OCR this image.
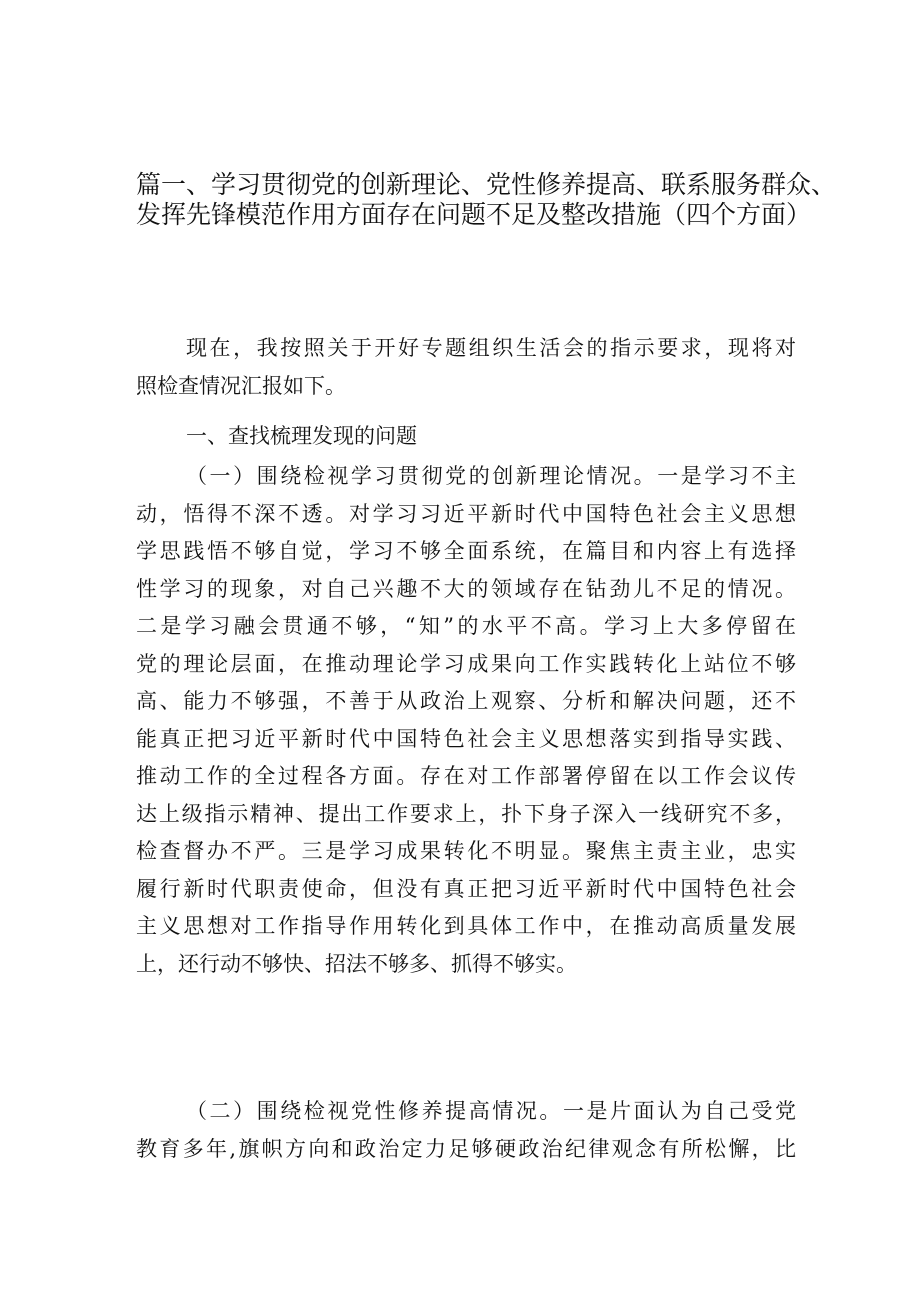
篇一、学习贯彻党的创新理论、党性修养提高、联系服务群众、
发挥先锋模范作用方面存在问题不足及整改措施（四个方面）
现在，我按照关于开好专题组织生活会的指示要求，现将对
照检查情况汇报如下。
一、查找梳理发现的问题
（一）围绕检视学习贯彻党的创新理论情况。一是学习不主
动，悟得不深不透。对学习习近平新时代中国特色社会主义思想
学思践悟不够自觉，学习不够全面系统，在篇目和内容上有选择
性学习的现象，对自己兴趣不大的领域存在钻劲儿不足的情况。
二是学习融会贯通不够，“知”的水平不高。学习上大多停留在
党的理论层面，在推动理论学习成果向工作实践转化上站位不够
高、能力不够强，不善于从政治上观察、分析和解决问题，还不
能真正把习近平新时代中国特色社会主义思想落实到指导实践、
推动工作的全过程各方面。存在对工作部署停留在以工作会议传
达上级指示精神、提出工作要求上，扑下身子深入一线研究不多，
检查督办不严。三是学习成果转化不明显。聚焦主责主业，忠实
履行新时代职责使命，但没有真正把习近平新时代中国特色社会
主义思想对工作指导作用转化到具体工作中，在推动高质量发展
上，还行动不够快、招法不够多、抓得不够实。
（二）围绕检视党性修养提高情况。一是片面认为自己受党
教育多年,旗帜方向和政治定力足够硬政治纪律观念有所松懈，比
